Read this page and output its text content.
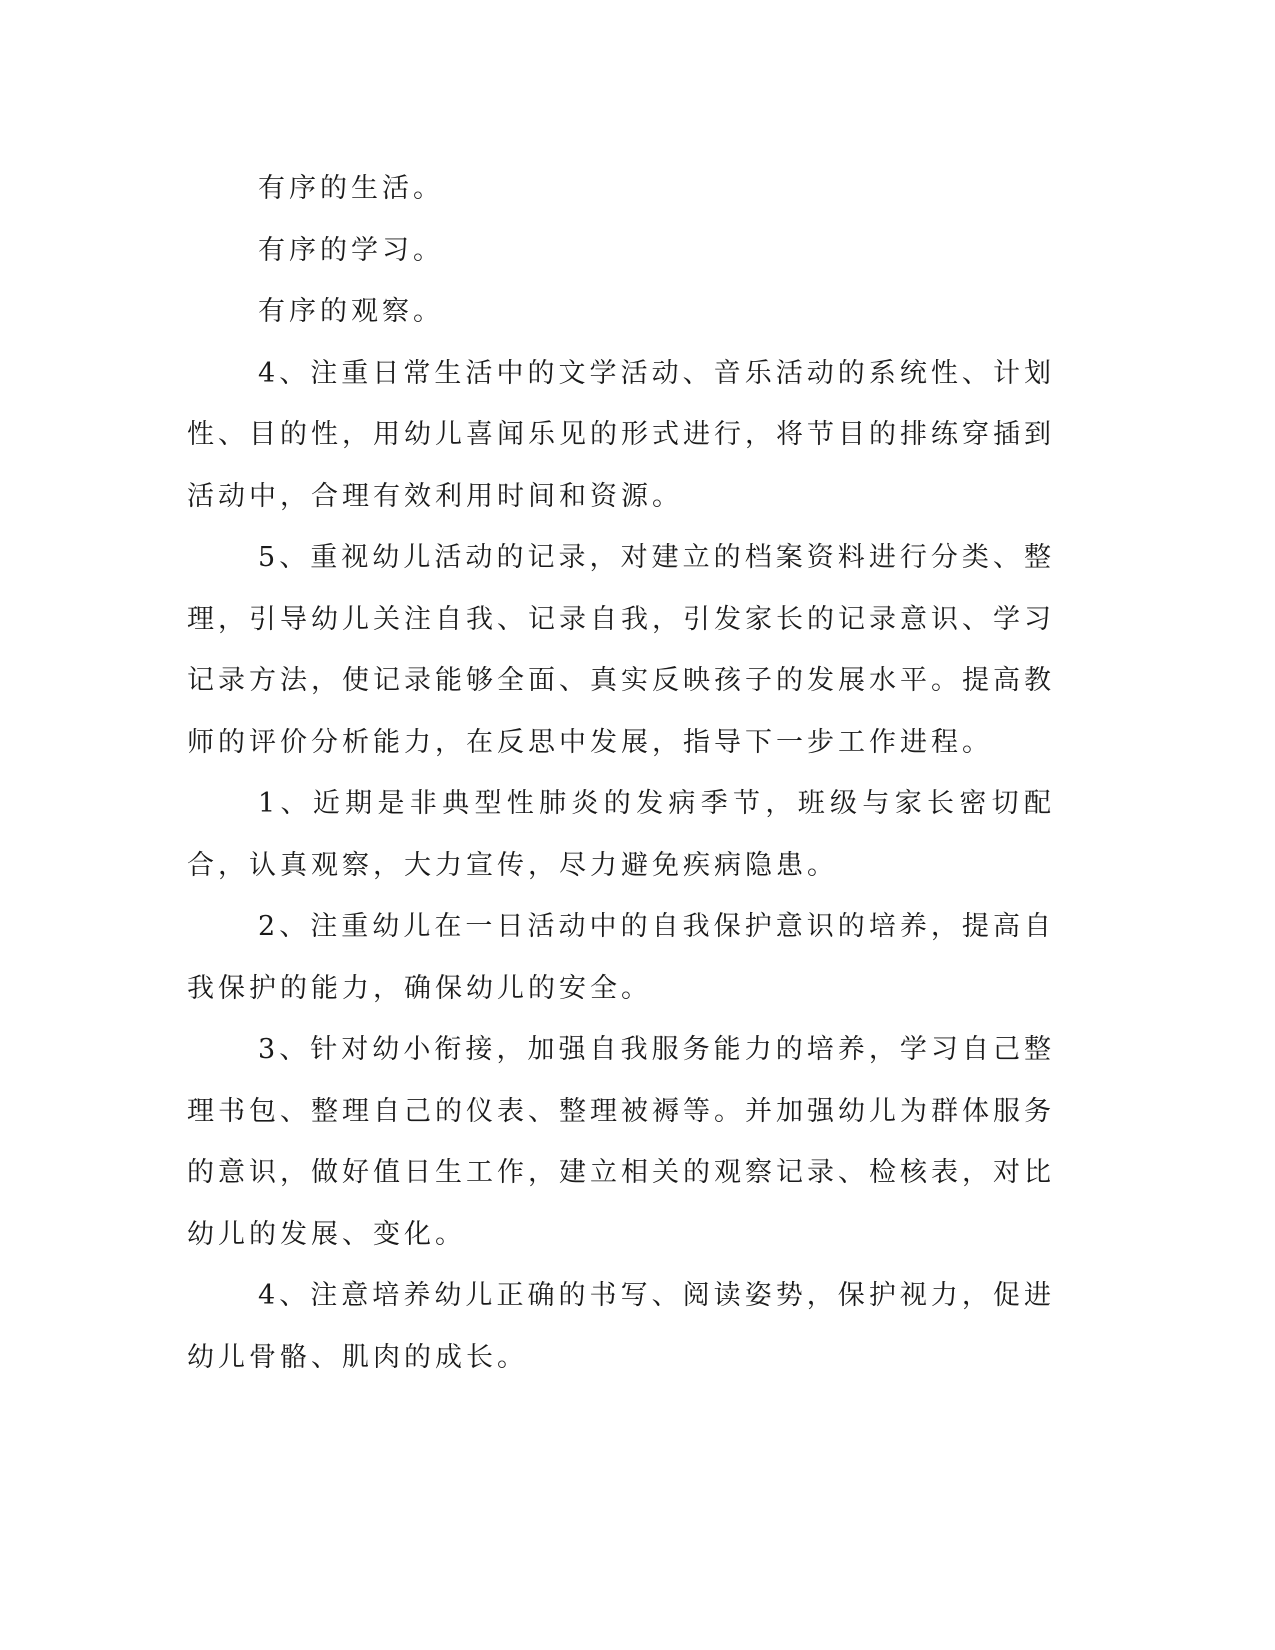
有序的生活。

有序的学习。

有序的观察。

4、注重日常生活中的文学活动、音乐活动的系统性、计划性、目的性，用幼儿喜闻乐见的形式进行，将节目的排练穿插到活动中，合理有效利用时间和资源。

5、重视幼儿活动的记录，对建立的档案资料进行分类、整理，引导幼儿关注自我、记录自我，引发家长的记录意识、学习记录方法，使记录能够全面、真实反映孩子的发展水平。提高教师的评价分析能力，在反思中发展，指导下一步工作进程。

1、近期是非典型性肺炎的发病季节，班级与家长密切配合，认真观察，大力宣传，尽力避免疾病隐患。

2、注重幼儿在一日活动中的自我保护意识的培养，提高自我保护的能力，确保幼儿的安全。

3、针对幼小衔接，加强自我服务能力的培养，学习自己整理书包、整理自己的仪表、整理被褥等。并加强幼儿为群体服务的意识，做好值日生工作，建立相关的观察记录、检核表，对比幼儿的发展、变化。

4、注意培养幼儿正确的书写、阅读姿势，保护视力，促进幼儿骨骼、肌肉的成长。
